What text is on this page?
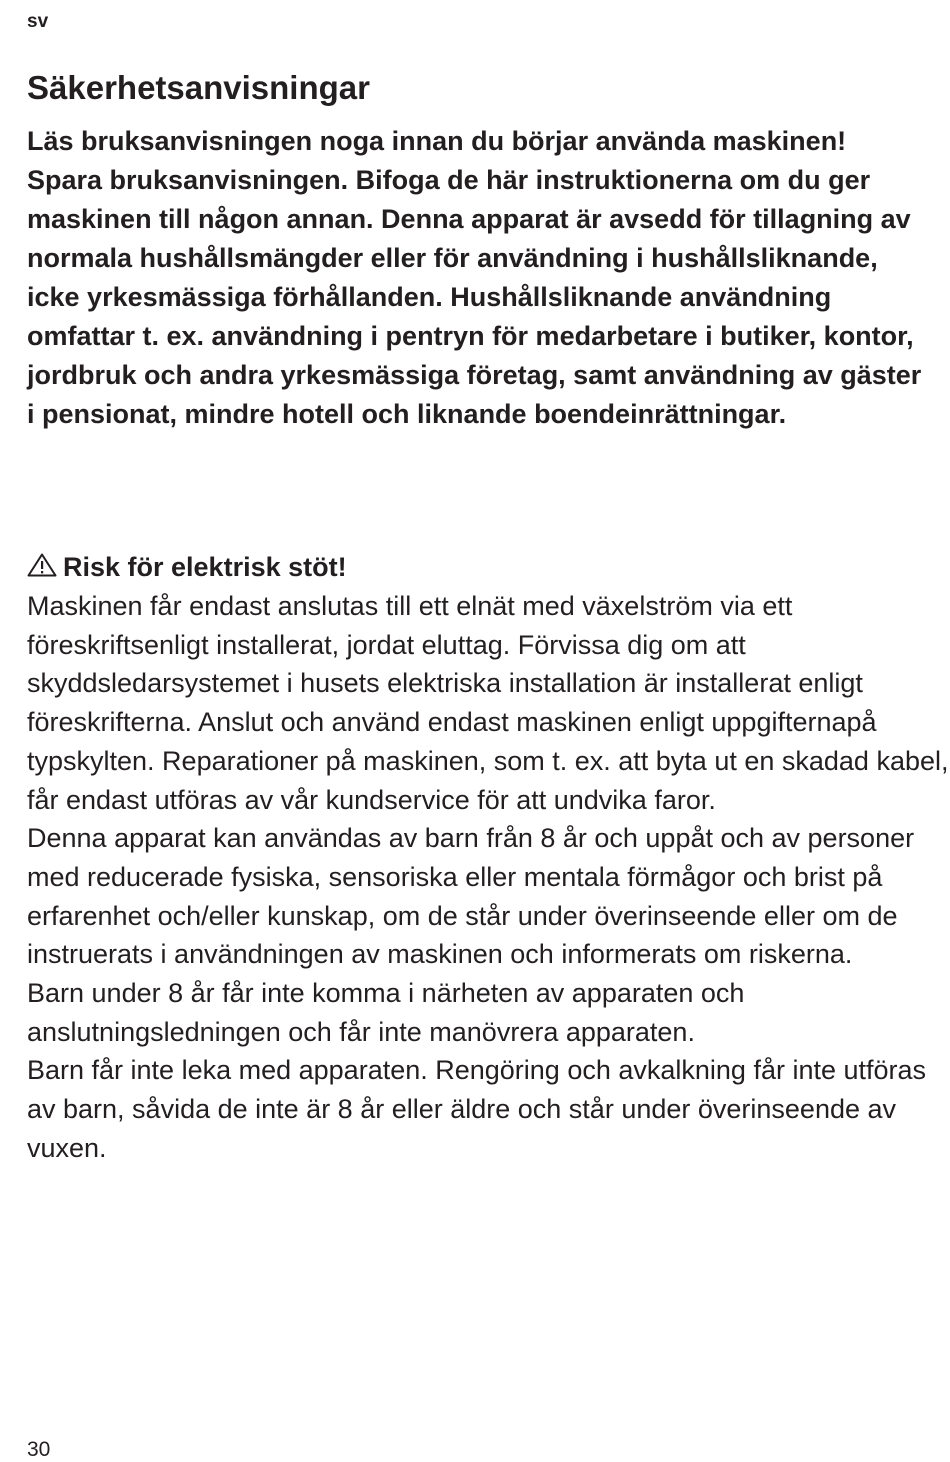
sv
Säkerhetsanvisningar

Läs bruksanvisningen noga innan du börjar använda maskinen! Spara bruksanvisningen. Bifoga de här instruktionerna om du ger maskinen till någon annan. Denna apparat är avsedd för tillagning av normala hushållsmängder eller för användning i hushållsliknande, icke yrkesmässiga förhållanden. Hushållsliknande användning omfattar t. ex. användning i pentryn för medarbetare i butiker, kontor, jordbruk och andra yrkesmässiga företag, samt användning av gäster i pensionat, mindre hotell och liknande boendeinrättningar.

Risk för elektrisk stöt!

Maskinen får endast anslutas till ett elnät med växelström via ett föreskriftsenligt installerat, jordat eluttag. Förvissa dig om att skyddsledarsystemet i husets elektriska installation är installerat enligt föreskrifterna. Anslut och använd endast maskinen enligt uppgifternapå typskylten. Reparationer på maskinen, som t. ex. att byta ut en skadad kabel, får endast utföras av vår kundservice för att undvika faror.

Denna apparat kan användas av barn från 8 år och uppåt och av personer med reducerade fysiska, sensoriska eller mentala förmågor och brist på erfarenhet och/eller kunskap, om de står under överinseende eller om de instruerats i användningen av maskinen och informerats om riskerna.

Barn under 8 år får inte komma i närheten av apparaten och anslutningsledningen och får inte manövrera apparaten.

Barn får inte leka med apparaten. Rengöring och avkalkning får inte utföras av barn, såvida de inte är 8 år eller äldre och står under överinseende av vuxen.

30
